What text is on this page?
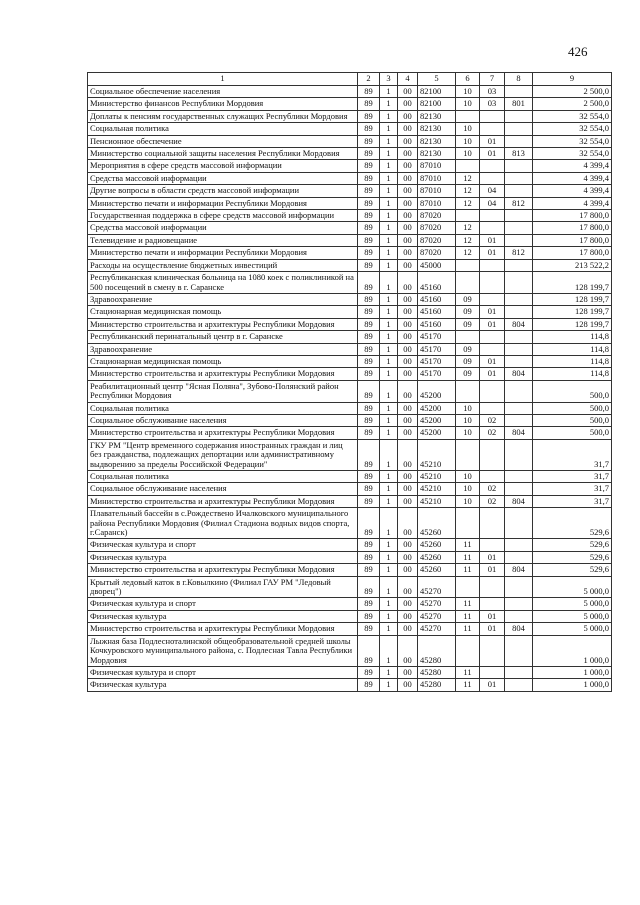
426
1	2	3	4	5	6	7	8	9
Социальное обеспечение населения	89	1	00	82100	10	03		2 500,0
Министерство финансов Республики Мордовия	89	1	00	82100	10	03	801	2 500,0
Доплаты к пенсиям государственных служащих Республики Мордовия	89	1	00	82130				32 554,0
Социальная политика	89	1	00	82130	10			32 554,0
Пенсионное обеспечение	89	1	00	82130	10	01		32 554,0
Министерство социальной защиты населения Республики Мордовия	89	1	00	82130	10	01	813	32 554,0
Мероприятия в сфере средств массовой информации	89	1	00	87010				4 399,4
Средства массовой информации	89	1	00	87010	12			4 399,4
Другие вопросы в области средств массовой информации	89	1	00	87010	12	04		4 399,4
Министерство печати и информации Республики Мордовия	89	1	00	87010	12	04	812	4 399,4
Государственная поддержка в сфере средств массовой информации	89	1	00	87020				17 800,0
Средства массовой информации	89	1	00	87020	12			17 800,0
Телевидение и радиовещание	89	1	00	87020	12	01		17 800,0
Министерство печати и информации Республики Мордовия	89	1	00	87020	12	01	812	17 800,0
Расходы на осуществление бюджетных инвестиций	89	1	00	45000				213 522,2
Республиканская клиническая больница на 1080 коек с поликлиникой на 500 посещений в смену в г. Саранске	89	1	00	45160				128 199,7
Здравоохранение	89	1	00	45160	09			128 199,7
Стационарная медицинская помощь	89	1	00	45160	09	01		128 199,7
Министерство строительства и архитектуры Республики Мордовия	89	1	00	45160	09	01	804	128 199,7
Республиканский перинатальный центр в г. Саранске	89	1	00	45170				114,8
Здравоохранение	89	1	00	45170	09			114,8
Стационарная медицинская помощь	89	1	00	45170	09	01		114,8
Министерство строительства и архитектуры Республики Мордовия	89	1	00	45170	09	01	804	114,8
Реабилитационный центр "Ясная Поляна", Зубово-Полянский район Республики Мордовия	89	1	00	45200				500,0
Социальная политика	89	1	00	45200	10			500,0
Социальное обслуживание населения	89	1	00	45200	10	02		500,0
Министерство строительства и архитектуры Республики Мордовия	89	1	00	45200	10	02	804	500,0
ГКУ РМ "Центр временного содержания иностранных граждан и лиц без гражданства, подлежащих депортации или административному выдворению за пределы Российской Федерации"	89	1	00	45210				31,7
Социальная политика	89	1	00	45210	10			31,7
Социальное обслуживание населения	89	1	00	45210	10	02		31,7
Министерство строительства и архитектуры Республики Мордовия	89	1	00	45210	10	02	804	31,7
Плавательный бассейн в с.Рождествено Ичалковского муниципального района Республики Мордовия (Филиал Стадиона водных видов спорта, г.Саранск)	89	1	00	45260				529,6
Физическая культура и спорт	89	1	00	45260	11			529,6
Физическая культура	89	1	00	45260	11	01		529,6
Министерство строительства и архитектуры Республики Мордовия	89	1	00	45260	11	01	804	529,6
Крытый ледовый каток в г.Ковылкино (Филиал ГАУ РМ "Ледовый дворец")	89	1	00	45270				5 000,0
Физическая культура и спорт	89	1	00	45270	11			5 000,0
Физическая культура	89	1	00	45270	11	01		5 000,0
Министерство строительства и архитектуры Республики Мордовия	89	1	00	45270	11	01	804	5 000,0
Лыжная база Подлесноталинской общеобразовательной средней школы Кочкуровского муниципального района, с. Подлесная Тавла Республики Мордовия	89	1	00	45280				1 000,0
Физическая культура и спорт	89	1	00	45280	11			1 000,0
Физическая культура	89	1	00	45280	11	01		1 000,0
